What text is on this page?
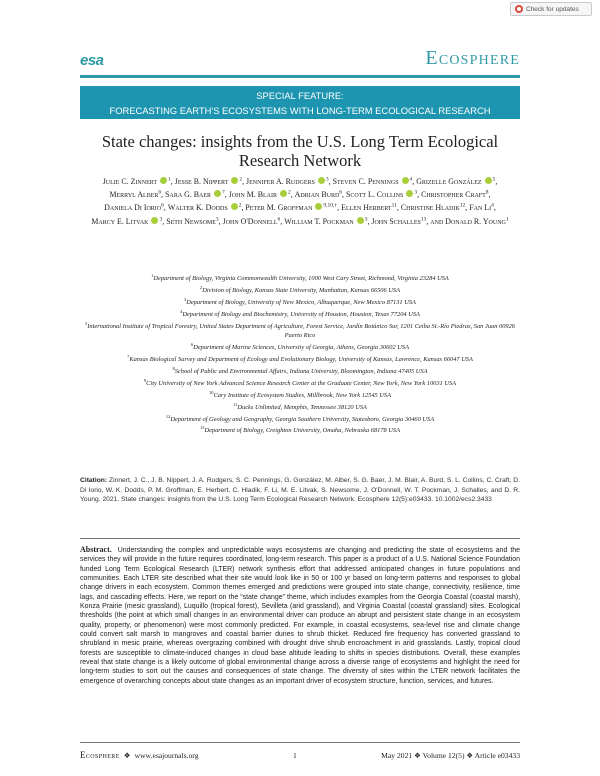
Check for updates
esa	Ecosphere
SPECIAL FEATURE:
FORECASTING EARTH'S ECOSYSTEMS WITH LONG-TERM ECOLOGICAL RESEARCH
State changes: insights from the U.S. Long Term Ecological
Research Network
Julie C. Zinnert $^1$, Jesse B. Nippert $^2$, Jennifer A. Rudgers $^3$, Steven C. Pennings $^4$, Grizelle González $^5$, Merryl Alber$^6$, Sara G. Baer $^7$, John M. Blair $^2$, Adrian Burd$^6$, Scott L. Collins $^3$, Christopher Craft$^8$, Daniela Di Iorio$^6$, Walter K. Dodds $^2$, Peter M. Groffman $^{9,10,\dagger}$, Ellen Herbert$^{11}$, Christine Hladik$^{12}$, Fan Li$^4$, Marcy E. Litvak $^3$, Seth Newsome$^3$, John O'Donnell$^6$, William T. Pockman $^3$, John Schalles$^{13}$, and Donald R. Young$^1$
$^1$Department of Biology, Virginia Commonwealth University, 1000 West Cary Street, Richmond, Virginia 23284 USA
$^2$Division of Biology, Kansas State University, Manhattan, Kansas 66506 USA
$^3$Department of Biology, University of New Mexico, Albuquerque, New Mexico 87131 USA
$^4$Department of Biology and Biochemistry, University of Houston, Houston, Texas 77204 USA
$^5$International Institute of Tropical Forestry, United States Department of Agriculture, Forest Service, Jardín Botánico Sur, 1201 Ceiba St.-Río Piedras, San Juan 00926 Puerto Rico
$^6$Department of Marine Sciences, University of Georgia, Athens, Georgia 30602 USA
$^7$Kansas Biological Survey and Department of Ecology and Evolutionary Biology, University of Kansas, Lawrence, Kansas 66047 USA
$^8$School of Public and Environmental Affairs, Indiana University, Bloomington, Indiana 47405 USA
$^9$City University of New York Advanced Science Research Center at the Graduate Center, New York, New York 10031 USA
$^{10}$Cary Institute of Ecosystem Studies, Millbrook, New York 12545 USA
$^{11}$Ducks Unlimited, Memphis, Tennessee 38120 USA
$^{12}$Department of Geology and Geography, Georgia Southern University, Statesboro, Georgia 30460 USA
$^{13}$Department of Biology, Creighton University, Omaha, Nebraska 68178 USA
Citation: Zinnert, J. C., J. B. Nippert, J. A. Rudgers, S. C. Pennings, G. González, M. Alber, S. G. Baer, J. M. Blair, A. Burd, S. L. Collins, C. Craft, D. Di Iorio, W. K. Dodds, P. M. Groffman, E. Herbert, C. Hladik, F. Li, M. E. Litvak, S. Newsome, J. O'Donnell, W. T. Pockman, J. Schalles, and D. R. Young. 2021. State changes: insights from the U.S. Long Term Ecological Research Network. Ecosphere 12(5):e03433. 10.1002/ecs2.3433
Abstract. Understanding the complex and unpredictable ways ecosystems are changing and predicting the state of ecosystems and the services they will provide in the future requires coordinated, long-term research. This paper is a product of a U.S. National Science Foundation funded Long Term Ecological Research (LTER) network synthesis effort that addressed anticipated changes in future populations and communities. Each LTER site described what their site would look like in 50 or 100 yr based on long-term patterns and responses to global change drivers in each ecosystem. Common themes emerged and predictions were grouped into state change, connectivity, resilience, time lags, and cascading effects. Here, we report on the “state change” theme, which includes examples from the Georgia Coastal (coastal marsh), Konza Prairie (mesic grassland), Luquillo (tropical forest), Sevilleta (arid grassland), and Virginia Coastal (coastal grassland) sites. Ecological thresholds (the point at which small changes in an environmental driver can produce an abrupt and persistent state change in an ecosystem quality, property, or phenomenon) were most commonly predicted. For example, in coastal ecosystems, sea-level rise and climate change could convert salt marsh to mangroves and coastal barrier dunes to shrub thicket. Reduced fire frequency has converted grassland to shrubland in mesic prairie, whereas overgrazing combined with drought drive shrub encroachment in arid grasslands. Lastly, tropical cloud forests are susceptible to climate-induced changes in cloud base altitude leading to shifts in species distributions. Overall, these examples reveal that state change is a likely outcome of global environmental change across a diverse range of ecosystems and highlight the need for long-term studies to sort out the causes and consequences of state change. The diversity of sites within the LTER network facilitates the emergence of overarching concepts about state changes as an important driver of ecosystem structure, function, services, and futures.
Ecosphere ❖ www.esajournals.org	1	May 2021 ❖ Volume 12(5) ❖ Article e03433
